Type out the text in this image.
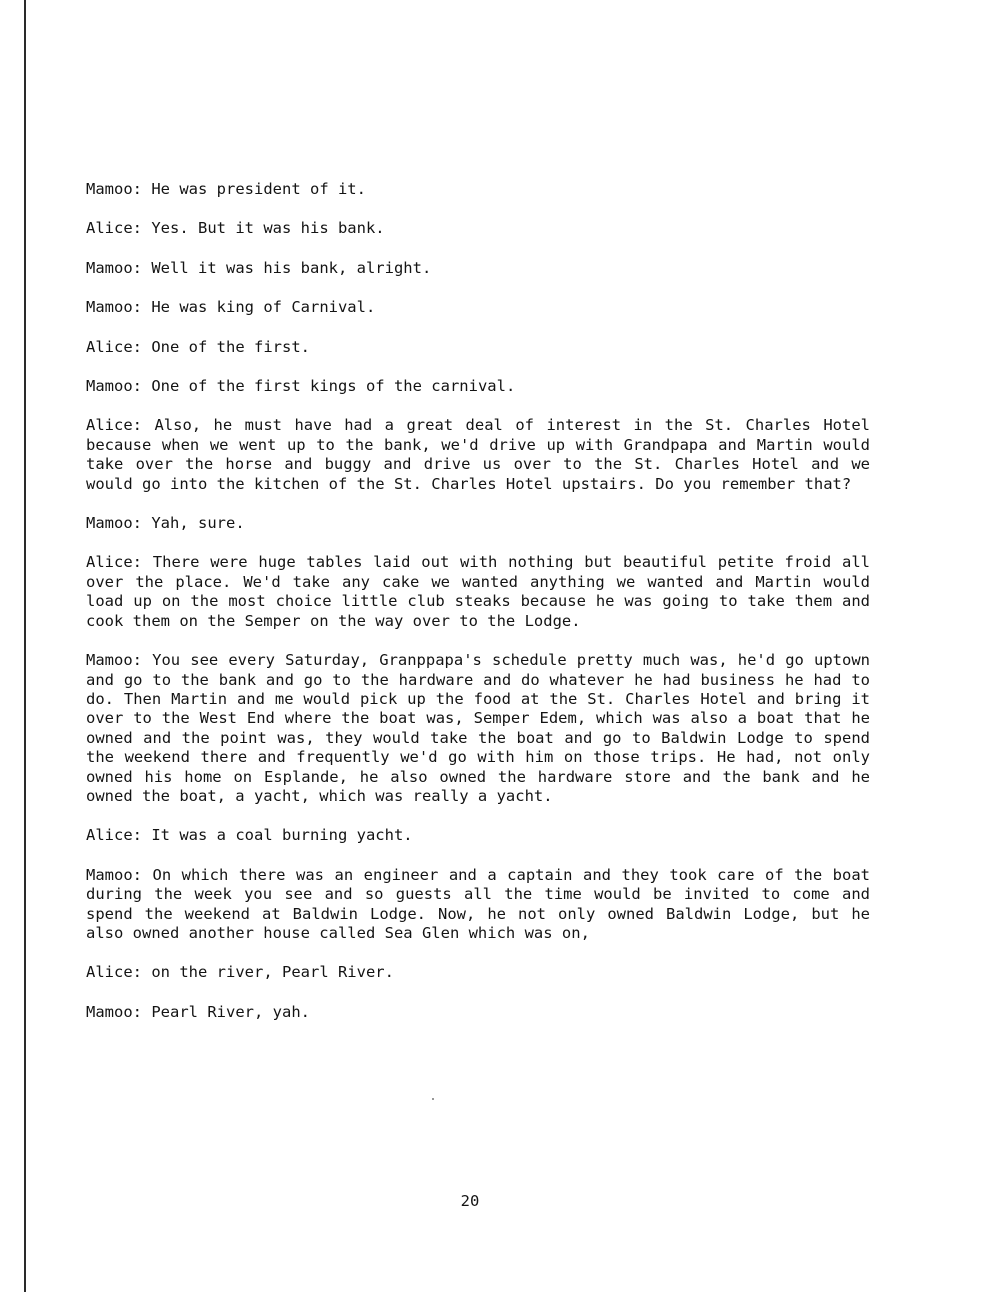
Mamoo: He was president of it.

Alice: Yes. But it was his bank.

Mamoo: Well it was his bank, alright.

Mamoo: He was king of Carnival.

Alice: One of the first.

Mamoo: One of the first kings of the carnival.

Alice: Also, he must have had a great deal of interest in the St. Charles Hotel because when we went up to the bank, we'd drive up with Grandpapa and Martin would take over the horse and buggy and drive us over to the St. Charles Hotel and we would go into the kitchen of the St. Charles Hotel upstairs. Do you remember that?

Mamoo: Yah, sure.

Alice: There were huge tables laid out with nothing but beautiful petite froid all over the place. We'd take any cake we wanted anything we wanted and Martin would load up on the most choice little club steaks because he was going to take them and cook them on the Semper on the way over to the Lodge.

Mamoo: You see every Saturday, Granppapa's schedule pretty much was, he'd go uptown and go to the bank and go to the hardware and do whatever he had business he had to do. Then Martin and me would pick up the food at the St. Charles Hotel and bring it over to the West End where the boat was, Semper Edem, which was also a boat that he owned and the point was, they would take the boat and go to Baldwin Lodge to spend the weekend there and frequently we'd go with him on those trips. He had, not only owned his home on Esplande, he also owned the hardware store and the bank and he owned the boat, a yacht, which was really a yacht.

Alice: It was a coal burning yacht.

Mamoo: On which there was an engineer and a captain and they took care of the boat during the week you see and so guests all the time would be invited to come and spend the weekend at Baldwin Lodge. Now, he not only owned Baldwin Lodge, but he also owned another house called Sea Glen which was on,

Alice: on the river, Pearl River.

Mamoo: Pearl River, yah.

20
